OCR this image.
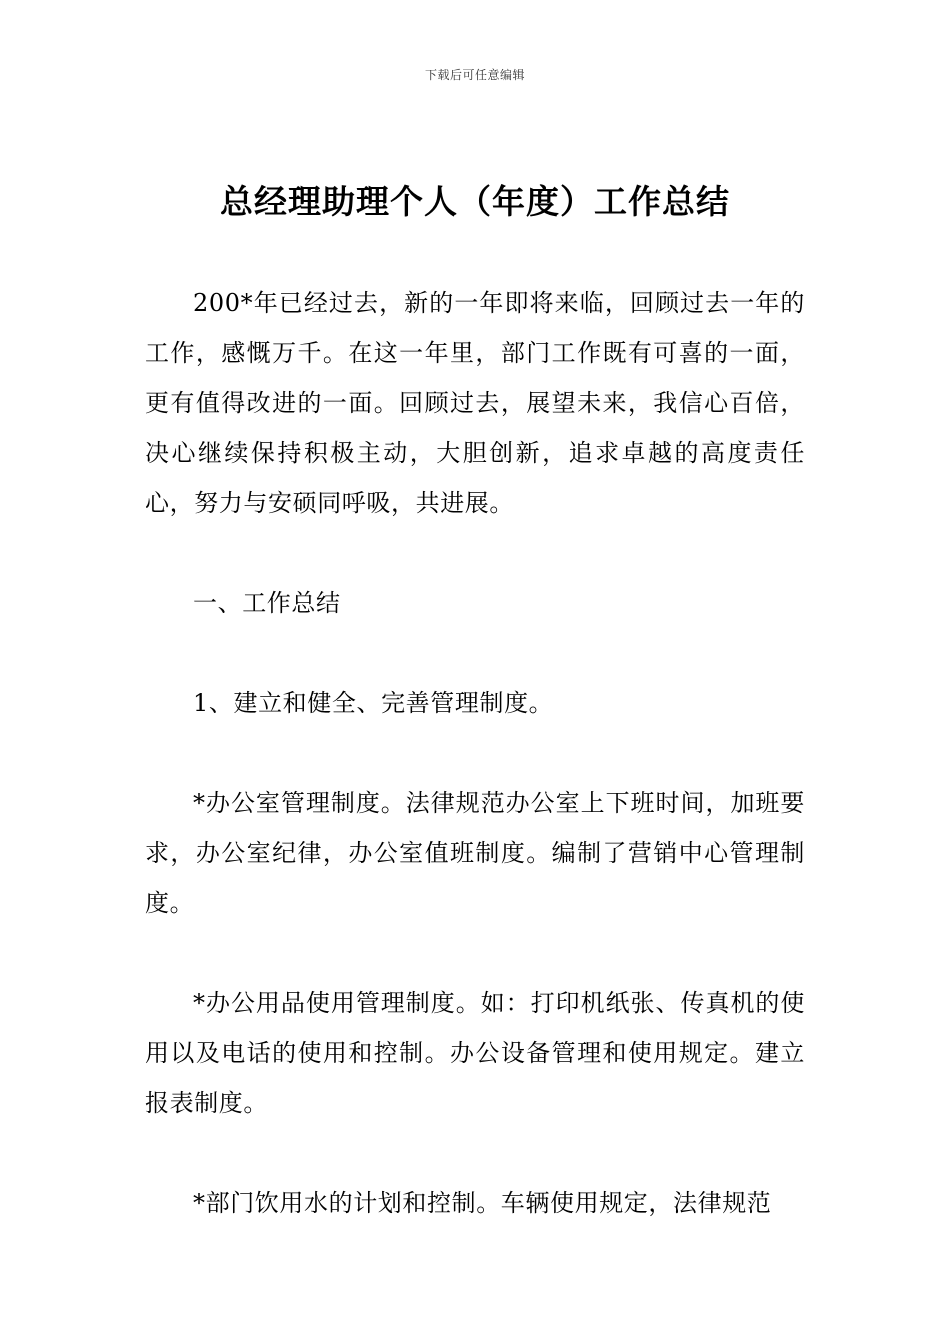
下载后可任意编辑
总经理助理个人（年度）工作总结

200*年已经过去，新的一年即将来临，回顾过去一年的工作，感慨万千。在这一年里，部门工作既有可喜的一面，更有值得改进的一面。回顾过去，展望未来，我信心百倍，决心继续保持积极主动，大胆创新，追求卓越的高度责任心，努力与安硕同呼吸，共进展。

一、工作总结

1、建立和健全、完善管理制度。

*办公室管理制度。法律规范办公室上下班时间，加班要求，办公室纪律，办公室值班制度。编制了营销中心管理制度。

*办公用品使用管理制度。如：打印机纸张、传真机的使用以及电话的使用和控制。办公设备管理和使用规定。建立报表制度。

*部门饮用水的计划和控制。车辆使用规定，法律规范
